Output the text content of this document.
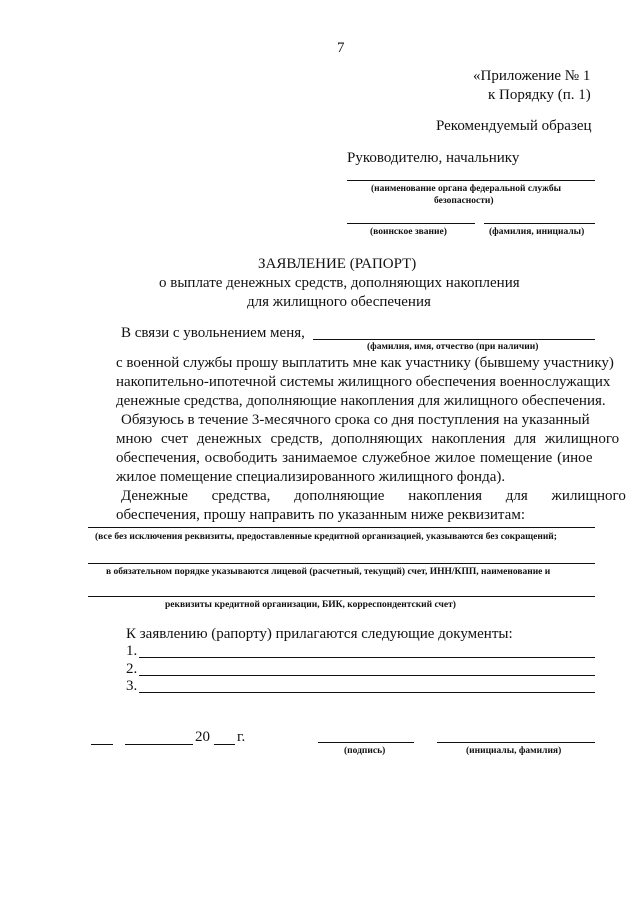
7
«Приложение № 1
к Порядку (п. 1)
Рекомендуемый образец
Руководителю, начальнику
(наименование органа федеральной службы
безопасности)
(воинское звание)	(фамилия, инициалы)
ЗАЯВЛЕНИЕ (РАПОРТ)
о выплате денежных средств, дополняющих накопления
для жилищного обеспечения
В связи с увольнением меня,
(фамилия, имя, отчество (при наличии)
с военной службы прошу выплатить мне как участнику (бывшему участнику)
накопительно-ипотечной системы жилищного обеспечения военнослужащих
денежные средства, дополняющие накопления для жилищного обеспечения.
Обязуюсь в течение 3-месячного срока со дня поступления на указанный
мною счет денежных средств, дополняющих накопления для жилищного
обеспечения, освободить занимаемое служебное жилое помещение (иное
жилое помещение специализированного жилищного фонда).
Денежные средства, дополняющие накопления для жилищного
обеспечения, прошу направить по указанным ниже реквизитам:
(все без исключения реквизиты, предоставленные кредитной организацией, указываются без сокращений;
в обязательном порядке указываются лицевой (расчетный, текущий) счет, ИНН/КПП, наименование и
реквизиты кредитной организации, БИК, корреспондентский счет)
К заявлению (рапорту) прилагаются следующие документы:
1.
2.
3.
20 г.
(подпись)	(инициалы, фамилия)
